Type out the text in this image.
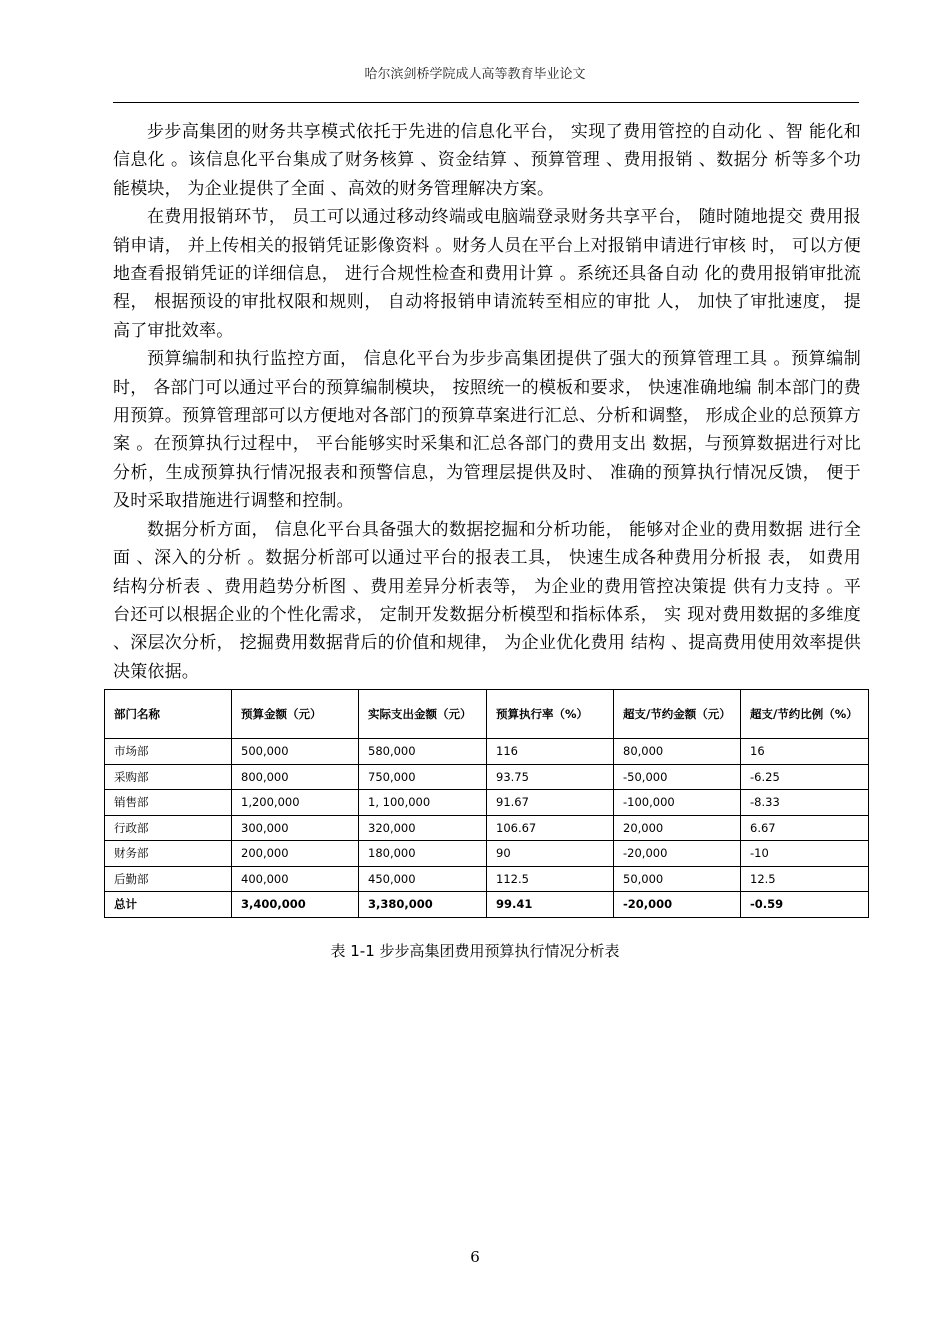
哈尔滨剑桥学院成人高等教育毕业论文

步步高集团的财务共享模式依托于先进的信息化平台， 实现了费用管控的自动化 、智 能化和信息化 。该信息化平台集成了财务核算 、资金结算 、预算管理 、费用报销 、数据分 析等多个功能模块， 为企业提供了全面 、高效的财务管理解决方案。

在费用报销环节， 员工可以通过移动终端或电脑端登录财务共享平台， 随时随地提交 费用报销申请， 并上传相关的报销凭证影像资料 。财务人员在平台上对报销申请进行审核 时， 可以方便地查看报销凭证的详细信息， 进行合规性检查和费用计算 。系统还具备自动 化的费用报销审批流程， 根据预设的审批权限和规则， 自动将报销申请流转至相应的审批 人， 加快了审批速度， 提高了审批效率。

预算编制和执行监控方面， 信息化平台为步步高集团提供了强大的预算管理工具 。预算编制时， 各部门可以通过平台的预算编制模块， 按照统一的模板和要求， 快速准确地编 制本部门的费用预算。预算管理部可以方便地对各部门的预算草案进行汇总、分析和调整， 形成企业的总预算方案 。在预算执行过程中， 平台能够实时采集和汇总各部门的费用支出 数据，与预算数据进行对比分析，生成预算执行情况报表和预警信息，为管理层提供及时、 准确的预算执行情况反馈， 便于及时采取措施进行调整和控制。

数据分析方面， 信息化平台具备强大的数据挖掘和分析功能， 能够对企业的费用数据 进行全面 、深入的分析 。数据分析部可以通过平台的报表工具， 快速生成各种费用分析报 表， 如费用结构分析表 、费用趋势分析图 、费用差异分析表等， 为企业的费用管控决策提 供有力支持 。平台还可以根据企业的个性化需求， 定制开发数据分析模型和指标体系， 实 现对费用数据的多维度 、深层次分析， 挖掘费用数据背后的价值和规律， 为企业优化费用 结构 、提高费用使用效率提供决策依据。

部门名称	预算金额（元）	实际支出金额（元）	预算执行率（%）	超支/节约金额（元）	超支/节约比例（%）
市场部	500,000	580,000	116	80,000	16
采购部	800,000	750,000	93.75	-50,000	-6.25
销售部	1,200,000	1, 100,000	91.67	-100,000	-8.33
行政部	300,000	320,000	106.67	20,000	6.67
财务部	200,000	180,000	90	-20,000	-10
后勤部	400,000	450,000	112.5	50,000	12.5
总计	3,400,000	3,380,000	99.41	-20,000	-0.59
表 1-1 步步高集团费用预算执行情况分析表
6
